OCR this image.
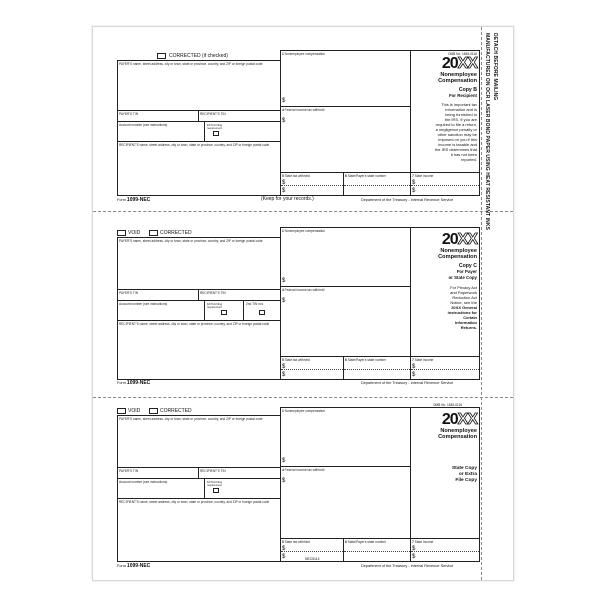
CORRECTED (if checked)
PAYER'S name, street address, city or town, state or province, country, and ZIP or foreign postal code
PAYER'S TIN	RECIPIENT'S TIN
Account number (see instructions)	FATCA filing
requirement
RECIPIENT'S name, street address, city or town, state or province, country, and ZIP or foreign postal code
1 Nonemployee compensation
$
4 Federal income tax withheld
$
5 State tax withheld
$
$
6 State/Payer's state number	7 State income
$
$
OMB No. 1545-0116
20XX
Nonemployee
Compensation
Copy B
For Recipient
This is important tax
information and is
being furnished to
the IRS. If you are
required to file a return,
a negligence penalty or
other sanction may be
imposed on you if this
income is taxable and
the IRS determines that
it has not been
reported.
Form 1099-NEC	(Keep for your records.)	Department of the Treasury - Internal Revenue Service
VOID	CORRECTED
PAYER'S name, street address, city or town, state or province, country, and ZIP or foreign postal code
PAYER'S TIN	RECIPIENT'S TIN
Account number (see instructions)	FATCA filing
requirement
2nd TIN not.
RECIPIENT'S name, street address, city or town, state or province, country, and ZIP or foreign postal code
1 Nonemployee compensation
$
4 Federal income tax withheld
$
5 State tax withheld
$
$
6 State/Payer's state number	7 State income
$
$
20XX
Nonemployee
Compensation
Copy C
For Payer
or State Copy
For Privacy Act
and Paperwork
Reduction Act
Notice, see the
20XX General
Instructions for
Certain
Information
Returns.
Form 1099-NEC	Department of the Treasury - Internal Revenue Service
OMB No. 1545-0116
VOID	CORRECTED
PAYER'S name, street address, city or town, state or province, country, and ZIP or foreign postal code
PAYER'S TIN	RECIPIENT'S TIN
Account number (see instructions)	FATCA filing
requirement
RECIPIENT'S name, street address, city or town, state or province, country, and ZIP or foreign postal code
1 Nonemployee compensation
$
4 Federal income tax withheld
$
5 State tax withheld
$
$
6 State/Payer's state number	7 State income
$
$
20XX
Nonemployee
Compensation
State Copy
or Extra
File Copy
Form 1099-NEC
NEC5114
Department of the Treasury - Internal Revenue Service
DETACH BEFORE MAILING
MANUFACTURED ON OCR LASER BOND PAPER USING HEAT RESISTANT INKS
